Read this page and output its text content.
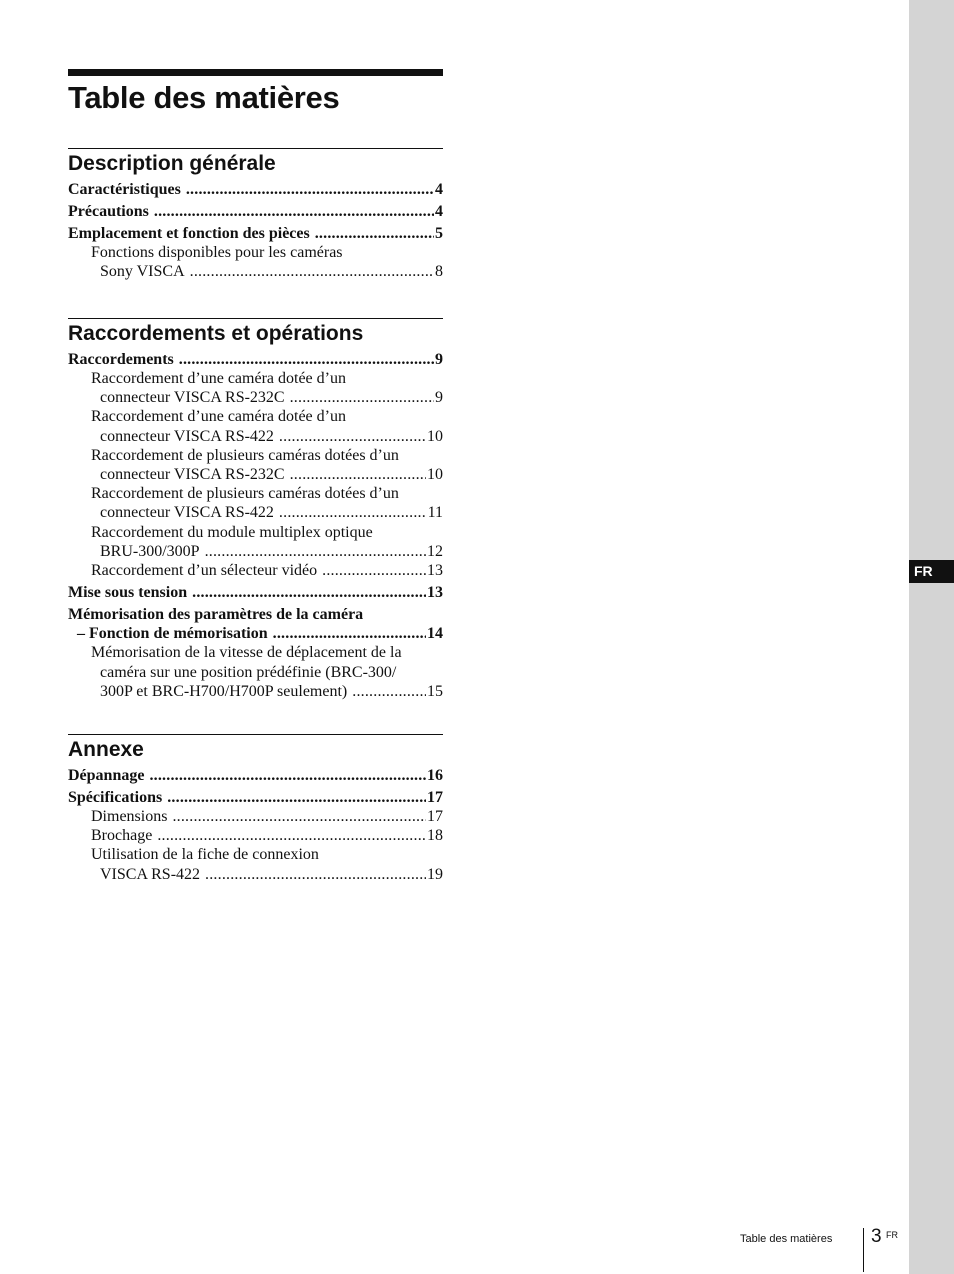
FR
Table des matières
Description générale
Caractéristiques .....	4
Précautions .....	4
Emplacement et fonction des pièces .....	5
Fonctions disponibles pour les caméras
Sony VISCA .....	8
Raccordements et opérations
Raccordements .....	9
Raccordement d’une caméra dotée d’un
connecteur VISCA RS-232C .....	9
Raccordement d’une caméra dotée d’un
connecteur VISCA RS-422 .....	10
Raccordement de plusieurs caméras dotées d’un
connecteur VISCA RS-232C .....	10
Raccordement de plusieurs caméras dotées d’un
connecteur VISCA RS-422 .....	11
Raccordement du module multiplex optique
BRU-300/300P .....	12
Raccordement d’un sélecteur vidéo .....	13
Mise sous tension .....	13
Mémorisation des paramètres de la caméra
– Fonction de mémorisation .....	14
Mémorisation de la vitesse de déplacement de la
caméra sur une position prédéfinie (BRC-300/
300P et BRC-H700/H700P seulement) .....	15
Annexe
Dépannage .....	16
Spécifications .....	17
Dimensions .....	17
Brochage .....	18
Utilisation de la fiche de connexion
VISCA RS-422 .....	19
Table des matières 3 FR
